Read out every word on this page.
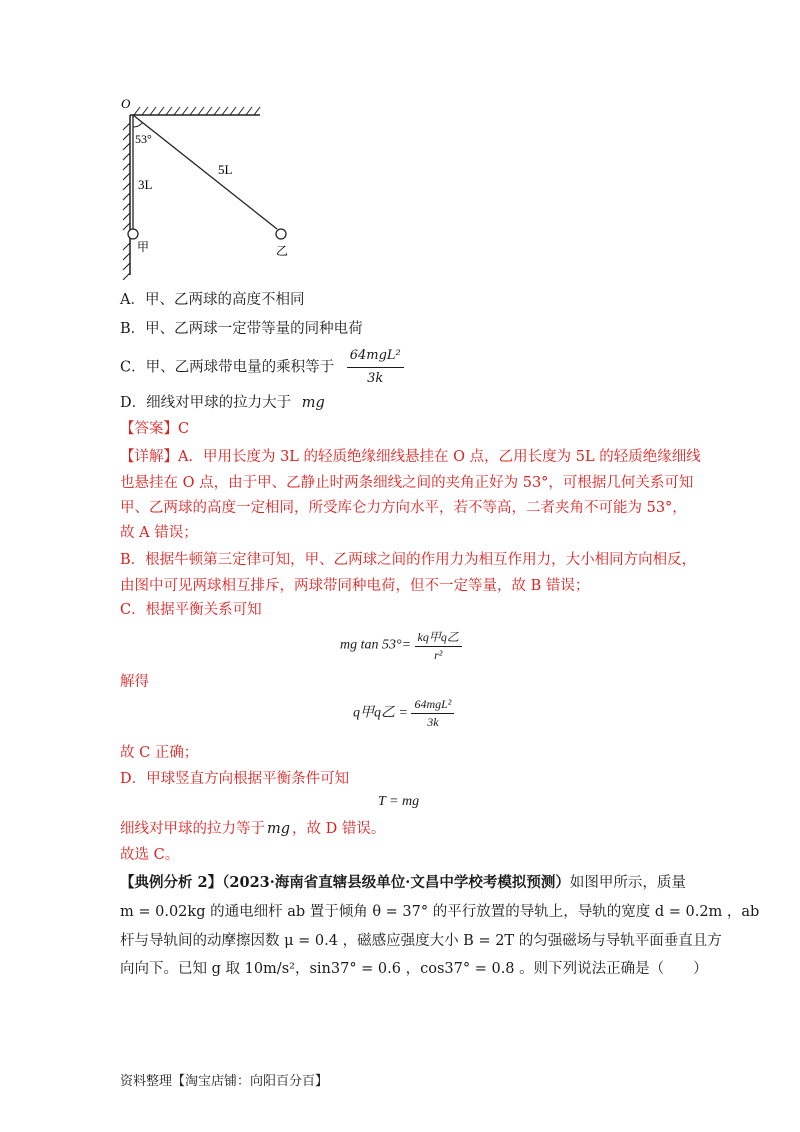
O
53°
3L
5L
甲	乙
A．甲、乙两球的高度不相同
B．甲、乙两球一定带等量的同种电荷
C．甲、乙两球带电量的乘积等于 $\frac{\text{64mgL²}}{3k}$
D．细线对甲球的拉力大于 mg
【答案】C
【详解】A．甲用长度为 3L 的轻质绝缘细线悬挂在 O 点，乙用长度为 5L 的轻质绝缘细线
也悬挂在 O 点，由于甲、乙静止时两条细线之间的夹角正好为 53°，可根据几何关系可知
甲、乙两球的高度一定相同，所受库仑力方向水平，若不等高，二者夹角不可能为 53°，
故 A 错误；
B．根据牛顿第三定律可知，甲、乙两球之间的作用力为相互作用力，大小相同方向相反，
由图中可见两球相互排斥，两球带同种电荷，但不一定等量，故 B 错误；
C．根据平衡关系可知
mg $\tan 53^\circ= \frac{\text{kq甲q乙}}{\text{r²}}$
解得
q甲q乙 = $\frac{\text{64mgL²}}{3k}$
故 C 正确；
D．甲球竖直方向根据平衡条件可知
T = mg
细线对甲球的拉力等于 mg ，故 D 错误。
故选 C。
【典例分析 2】（2023·海南省直辖县级单位·文昌中学校考模拟预测）如图甲所示，质量
m = 0.02kg 的通电细杆 ab 置于倾角 θ = 37° 的平行放置的导轨上，导轨的宽度 d = 0.2m ，ab
杆与导轨间的动摩擦因数 μ = 0.4 ，磁感应强度大小 B = 2T 的匀强磁场与导轨平面垂直且方
向向下。已知 g 取 10m/s²，sin37° = 0.6 ，cos37° = 0.8 。则下列说法正确是（　　）
资料整理【淘宝店铺：向阳百分百】
